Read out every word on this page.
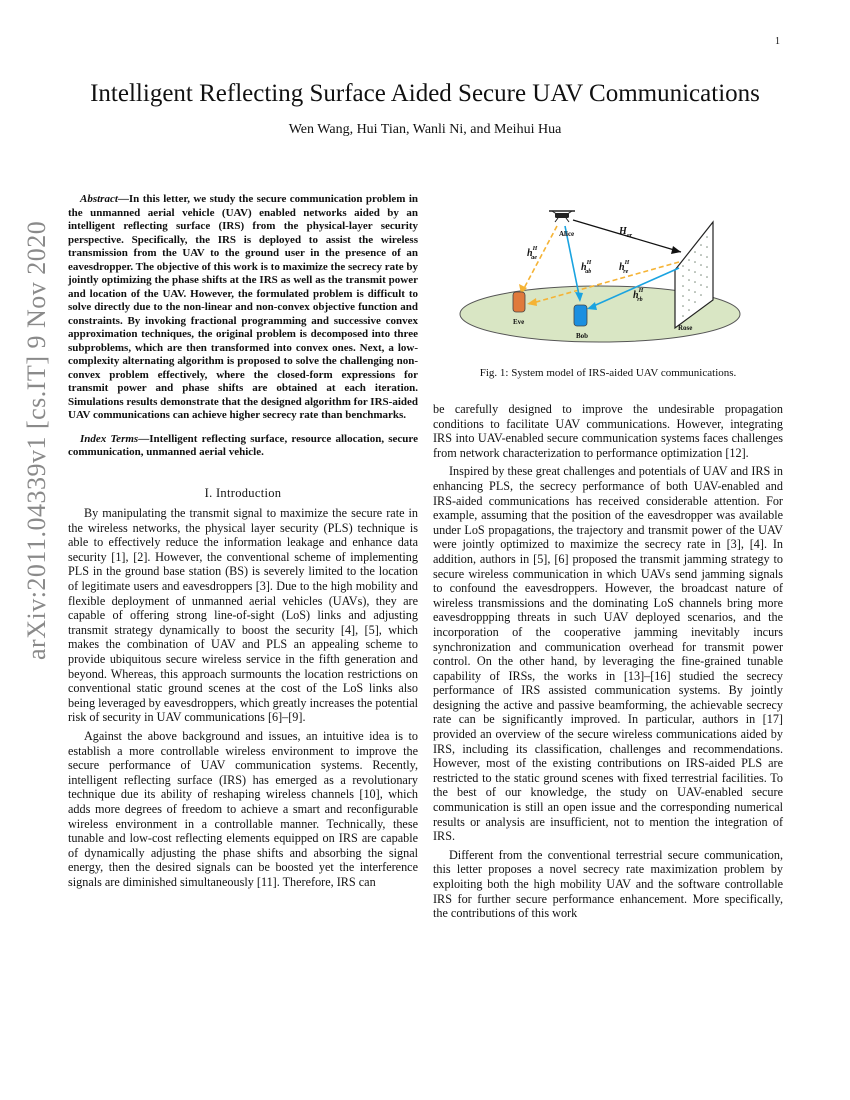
1
arXiv:2011.04339v1 [cs.IT] 9 Nov 2020
Intelligent Reflecting Surface Aided Secure UAV Communications
Wen Wang, Hui Tian, Wanli Ni, and Meihui Hua

Abstract—In this letter, we study the secure communication problem in the unmanned aerial vehicle (UAV) enabled networks aided by an intelligent reflecting surface (IRS) from the physical-layer security perspective. Specifically, the IRS is deployed to assist the wireless transmission from the UAV to the ground user in the presence of an eavesdropper. The objective of this work is to maximize the secrecy rate by jointly optimizing the phase shifts at the IRS as well as the transmit power and location of the UAV. However, the formulated problem is difficult to solve directly due to the non-linear and non-convex objective function and constraints. By invoking fractional programming and successive convex approximation techniques, the original problem is decomposed into three subproblems, which are then transformed into convex ones. Next, a low-complexity alternating algorithm is proposed to solve the challenging non-convex problem effectively, where the closed-form expressions for transmit power and phase shifts are obtained at each iteration. Simulations results demonstrate that the designed algorithm for IRS-aided UAV communications can achieve higher secrecy rate than benchmarks.

Index Terms—Intelligent reflecting surface, resource allocation, secure communication, unmanned aerial vehicle.

I. Introduction

By manipulating the transmit signal to maximize the secure rate in the wireless networks, the physical layer security (PLS) technique is able to effectively reduce the information leakage and enhance data security [1], [2]. However, the conventional scheme of implementing PLS in the ground base station (BS) is severely limited to the location of legitimate users and eavesdroppers [3]. Due to the high mobility and flexible deployment of unmanned aerial vehicles (UAVs), they are capable of offering strong line-of-sight (LoS) links and adjusting transmit strategy dynamically to boost the security [4], [5], which makes the combination of UAV and PLS an appealing scheme to provide ubiquitous secure wireless service in the fifth generation and beyond. Whereas, this approach surmounts the location restrictions on conventional static ground scenes at the cost of the LoS links also being leveraged by eavesdroppers, which greatly increases the potential risk of security in UAV communications [6]–[9].

Against the above background and issues, an intuitive idea is to establish a more controllable wireless environment to improve the secure performance of UAV communication systems. Recently, intelligent reflecting surface (IRS) has emerged as a revolutionary technique due its ability of reshaping wireless channels [10], which adds more degrees of freedom to achieve a smart and reconfigurable wireless environment in a controllable manner. Technically, these tunable and low-cost reflecting elements equipped on IRS are capable of dynamically adjusting the phase shifts and absorbing the signal energy, then the desired signals can be boosted yet the interference signals are diminished simultaneously [11]. Therefore, IRS can

Alice
Eve
Bob
Rose
$H_{ar}$
$h^H$ ae
$h^H$ ab	$h^H$ re
$h^H$ rb
Fig. 1: System model of IRS-aided UAV communications.

be carefully designed to improve the undesirable propagation conditions to facilitate UAV communications. However, integrating IRS into UAV-enabled secure communication systems faces challenges from network characterization to performance optimization [12].

Inspired by these great challenges and potentials of UAV and IRS in enhancing PLS, the secrecy performance of both UAV-enabled and IRS-aided communications has received considerable attention. For example, assuming that the position of the eavesdropper was available under LoS propagations, the trajectory and transmit power of the UAV were jointly optimized to maximize the secrecy rate in [3], [4]. In addition, authors in [5], [6] proposed the transmit jamming strategy to secure wireless communication in which UAVs send jamming signals to confound the eavesdroppers. However, the broadcast nature of wireless transmissions and the dominating LoS channels bring more eavesdroppping threats in such UAV deployed scenarios, and the incorporation of the cooperative jamming inevitably incurs synchronization and communication overhead for transmit power control. On the other hand, by leveraging the fine-grained tunable capability of IRSs, the works in [13]–[16] studied the secrecy performance of IRS assisted communication systems. By jointly designing the active and passive beamforming, the achievable secrecy rate can be significantly improved. In particular, authors in [17] provided an overview of the secure wireless communications aided by IRS, including its classification, challenges and recommendations. However, most of the existing contributions on IRS-aided PLS are restricted to the static ground scenes with fixed terrestrial facilities. To the best of our knowledge, the study on UAV-enabled secure communication is still an open issue and the corresponding numerical results or analysis are insufficient, not to mention the integration of IRS.

Different from the conventional terrestrial secure communication, this letter proposes a novel secrecy rate maximization problem by exploiting both the high mobility UAV and the software controllable IRS for further secure performance enhancement. More specifically, the contributions of this work
